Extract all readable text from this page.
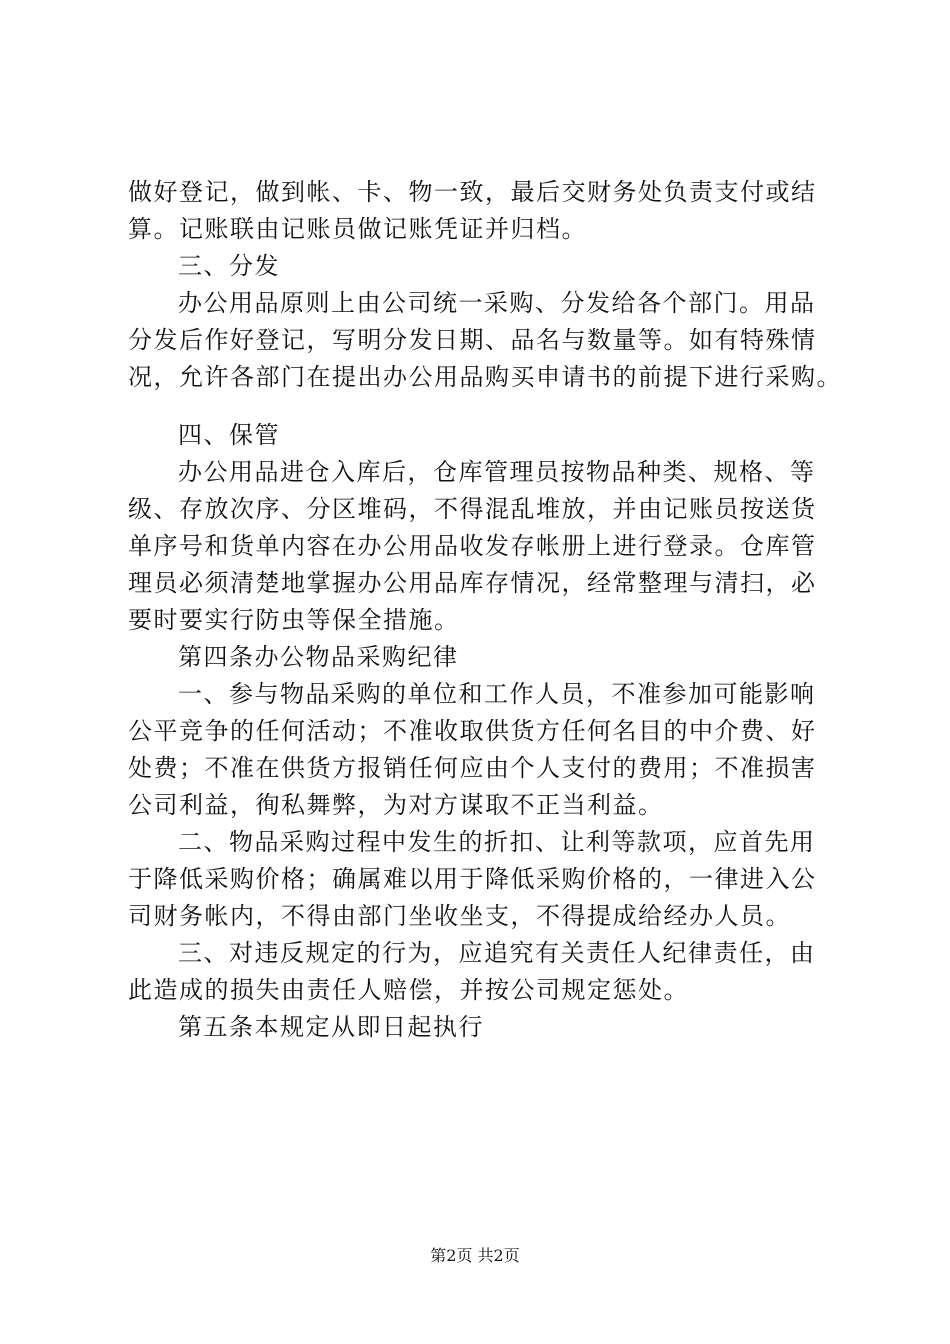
做好登记，做到帐、卡、物一致，最后交财务处负责支付或结
算。记账联由记账员做记账凭证并归档。
三、分发
办公用品原则上由公司统一采购、分发给各个部门。用品
分发后作好登记，写明分发日期、品名与数量等。如有特殊情
况，允许各部门在提出办公用品购买申请书的前提下进行采购。
四、保管
办公用品进仓入库后，仓库管理员按物品种类、规格、等
级、存放次序、分区堆码，不得混乱堆放，并由记账员按送货
单序号和货单内容在办公用品收发存帐册上进行登录。仓库管
理员必须清楚地掌握办公用品库存情况，经常整理与清扫，必
要时要实行防虫等保全措施。
第四条办公物品采购纪律
一、参与物品采购的单位和工作人员，不准参加可能影响
公平竞争的任何活动；不准收取供货方任何名目的中介费、好
处费；不准在供货方报销任何应由个人支付的费用；不准损害
公司利益，徇私舞弊，为对方谋取不正当利益。
二、物品采购过程中发生的折扣、让利等款项，应首先用
于降低采购价格；确属难以用于降低采购价格的，一律进入公
司财务帐内，不得由部门坐收坐支，不得提成给经办人员。
三、对违反规定的行为，应追究有关责任人纪律责任，由
此造成的损失由责任人赔偿，并按公司规定惩处。
第五条本规定从即日起执行
第2页 共2页
